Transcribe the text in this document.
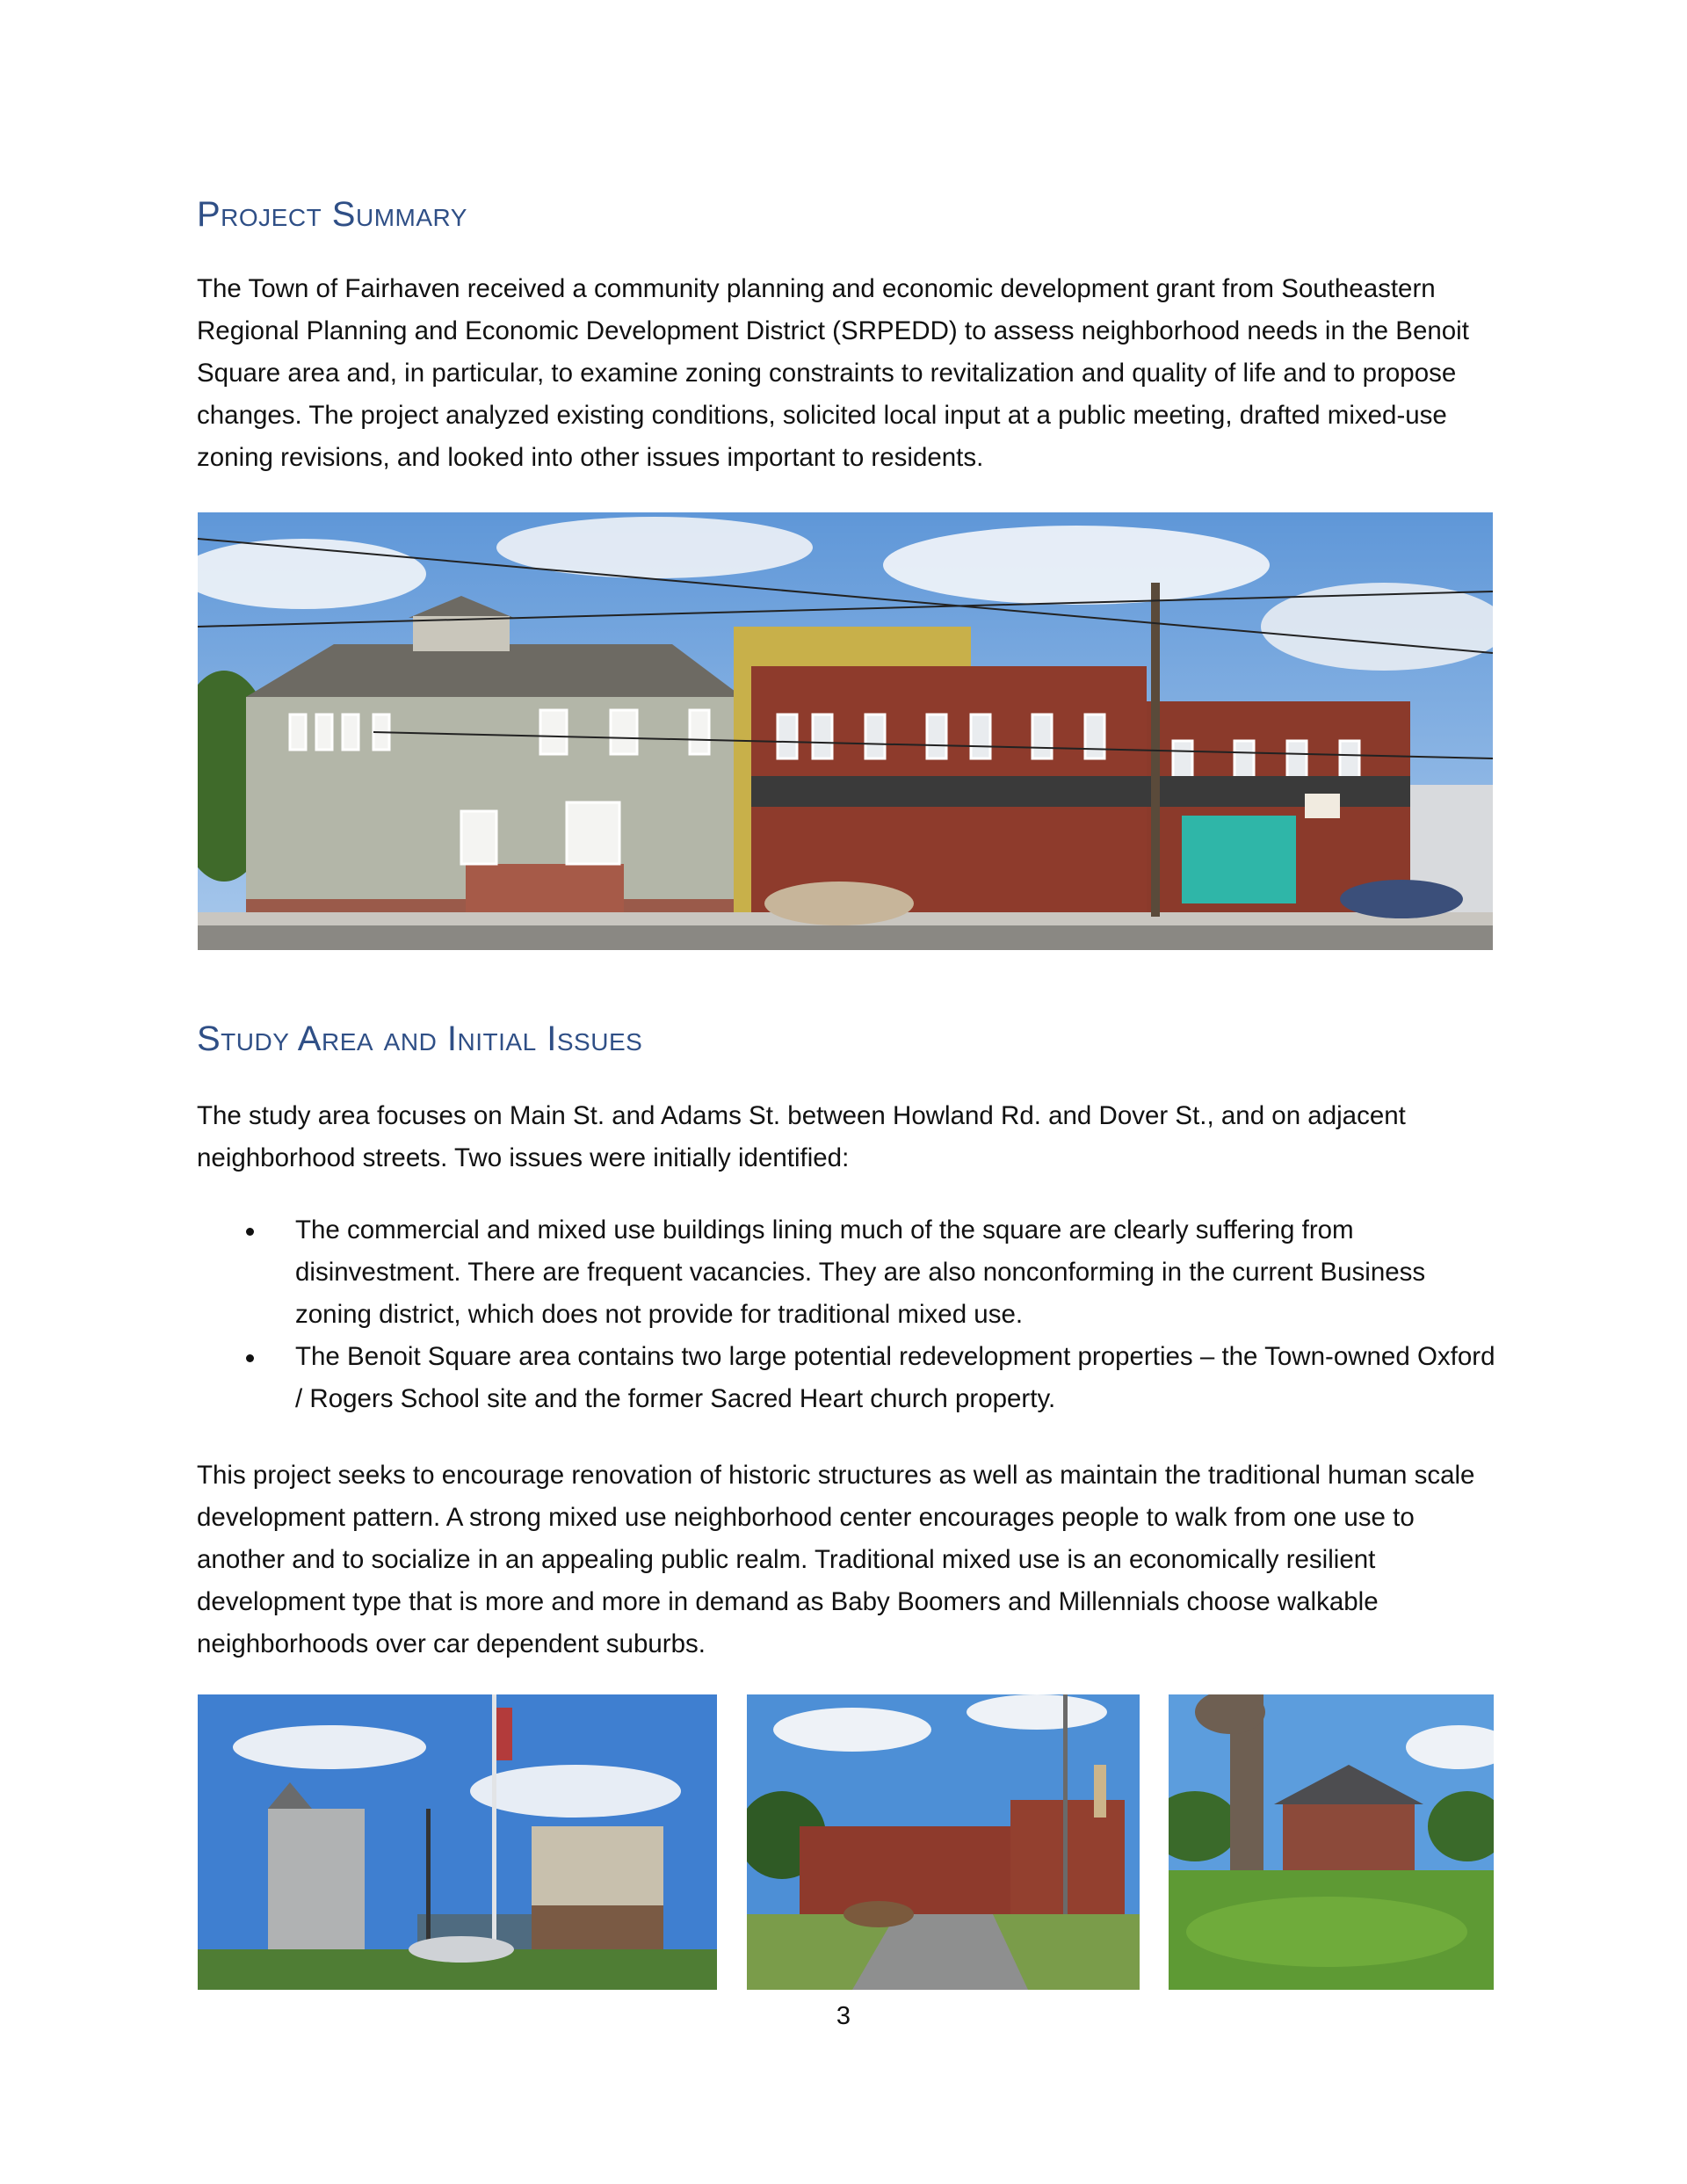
Project Summary

The Town of Fairhaven received a community planning and economic development grant from Southeastern Regional Planning and Economic Development District (SRPEDD) to assess neighborhood needs in the Benoit Square area and, in particular, to examine zoning constraints to revitalization and quality of life and to propose changes. The project analyzed existing conditions, solicited local input at a public meeting, drafted mixed-use zoning revisions, and looked into other issues important to residents.

Study Area and Initial Issues

The study area focuses on Main St. and Adams St. between Howland Rd. and Dover St., and on adjacent neighborhood streets. Two issues were initially identified:

The commercial and mixed use buildings lining much of the square are clearly suffering from disinvestment. There are frequent vacancies. They are also nonconforming in the current Business zoning district, which does not provide for traditional mixed use.
The Benoit Square area contains two large potential redevelopment properties – the Town-owned Oxford / Rogers School site and the former Sacred Heart church property.

This project seeks to encourage renovation of historic structures as well as maintain the traditional human scale development pattern. A strong mixed use neighborhood center encourages people to walk from one use to another and to socialize in an appealing public realm. Traditional mixed use is an economically resilient development type that is more and more in demand as Baby Boomers and Millennials choose walkable neighborhoods over car dependent suburbs.

3
